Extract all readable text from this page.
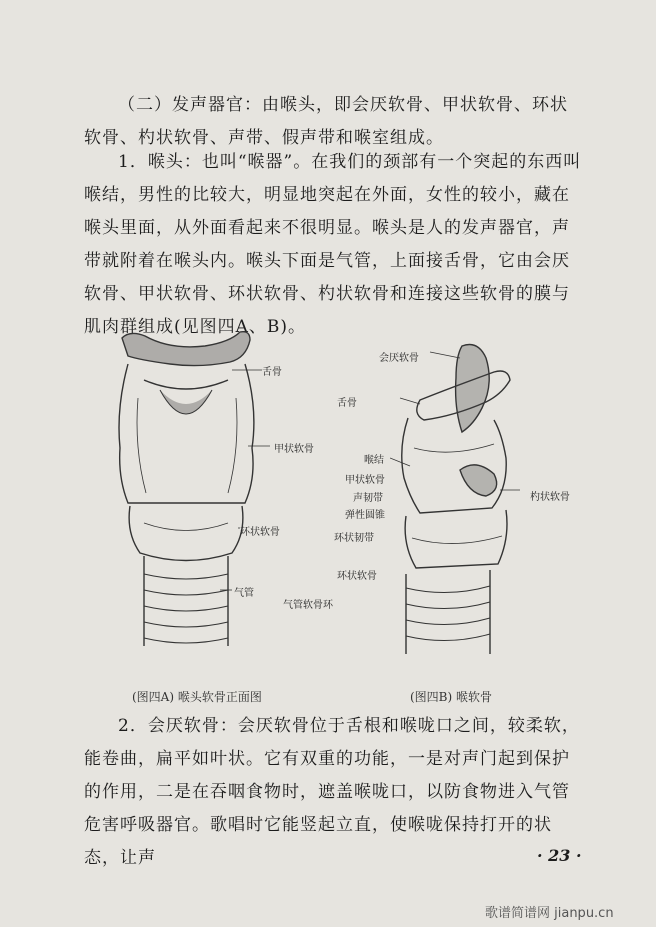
（二）发声器官：由喉头，即会厌软骨、甲状软骨、环状软骨、杓状软骨、声带、假声带和喉室组成。
1．喉头：也叫“喉器”。在我们的颈部有一个突起的东西叫喉结，男性的比较大，明显地突起在外面，女性的较小，藏在喉头里面，从外面看起来不很明显。喉头是人的发声器官，声带就附着在喉头内。喉头下面是气管，上面接舌骨，它由会厌软骨、甲状软骨、环状软骨、杓状软骨和连接这些软骨的膜与肌肉群组成(见图四A、B)。
舌骨
甲状软骨
环状软骨
气管
会厌软骨
舌骨
喉结
甲状软骨
声韧带
弹性圆锥
环状韧带
环状软骨
气管软骨环
杓状软骨
(图四A) 喉头软骨正面图	(图四B) 喉软骨
2．会厌软骨：会厌软骨位于舌根和喉咙口之间，较柔软，能卷曲，扁平如叶状。它有双重的功能，一是对声门起到保护的作用，二是在吞咽食物时，遮盖喉咙口，以防食物进入气管危害呼吸器官。歌唱时它能竖起立直，使喉咙保持打开的状态，让声	· 23 ·
歌谱简谱网 jianpu.cn
